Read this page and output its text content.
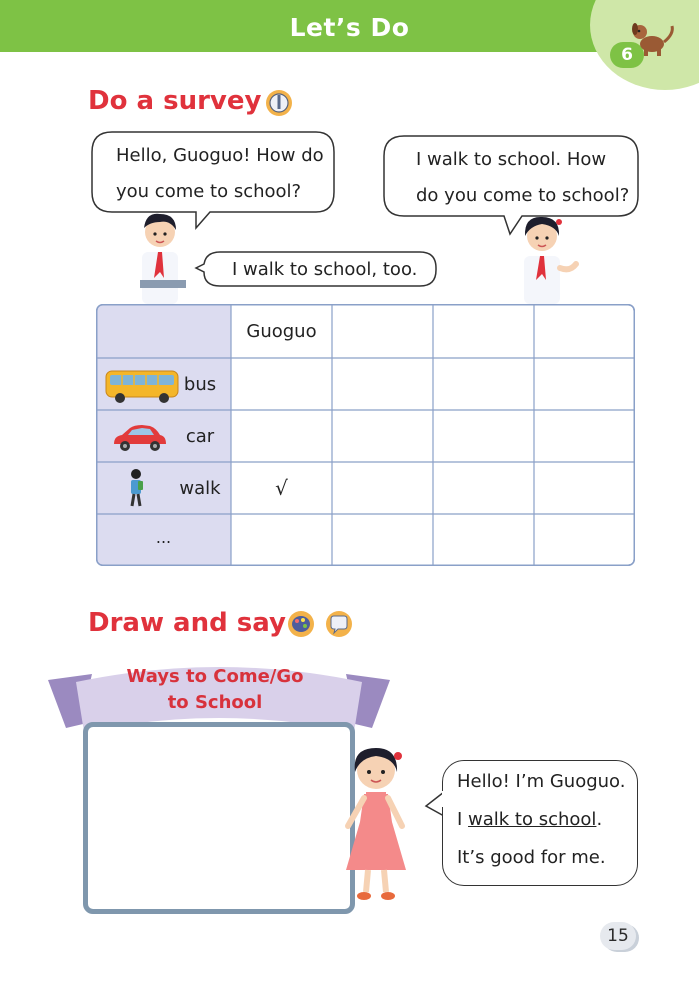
Let’s Do
6
Do a survey

Hello, Guoguo! How do

you come to school?

I walk to school. How

do you come to school?

I walk to school, too.
Guoguo
bus
car
walk	√
...
Draw and say
Ways to Come/Go
to School

Hello! I’m Guoguo.

I walk to school.

It’s good for me.

15
